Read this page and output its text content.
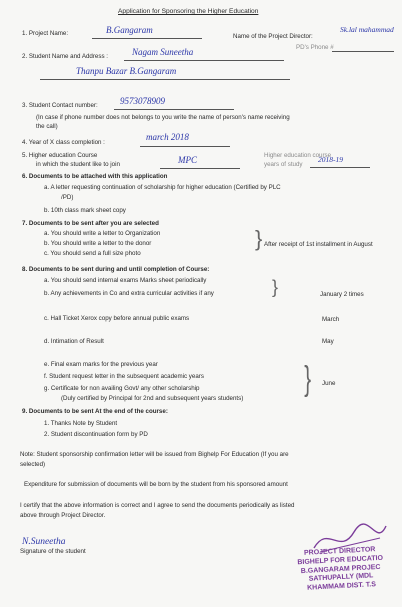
Application for Sponsoring the Higher Education
1. Project Name:	B.Gangaram
Name of the Project Director:
Sk.lal mahammad
PD's Phone #
2. Student Name and Address :	Nagam Suneetha
Thanpu Bazar B.Gangaram
3. Student Contact number: 9573078909
(In case if phone number does not belongs to you write the name of person's name receiving
the call)
4. Year of X class completion :
march 2018
5. Higher education Course
in which the student like to join	MPC	Higher education course
years of study
2018-19
6. Documents to be attached with this application
a. A letter requesting continuation of scholarship for higher education (Certified by PLC
/PD)
b. 10th class mark sheet copy
7. Documents to be sent after you are selected
a. You should write a letter to Organization
b. You should write a letter to the donor
c. You should send a full size photo
} After receipt of 1st installment in August
8. Documents to be sent during and until completion of Course:
a. You should send internal exams Marks sheet periodically
b. Any achievements in Co and extra curricular activities if any	}	January 2 times
c. Hall Ticket Xerox copy before annual public exams	March
d. Intimation of Result	May
e. Final exam marks for the previous year
f. Student request letter in the subsequent academic years
g. Certificate for non availing Govt/ any other scholarship
(Duly certified by Principal for 2nd and subsequent years students)
} June
9. Documents to be sent At the end of the course:
1. Thanks Note by Student
2. Student discontinuation form by PD
Note: Student sponsorship confirmation letter will be issued from Bighelp For Education (If you are
selected)
Expenditure for submission of documents will be born by the student from his sponsored amount
I certify that the above information is correct and I agree to send the documents periodically as listed
above through Project Director.
N.Suneetha
Signature of the student	PROJECT DIRECTOR
BIGHELP FOR EDUCATIO
B.GANGARAM PROJEC
SATHUPALLY (MDL
KHAMMAM DIST. T.S
